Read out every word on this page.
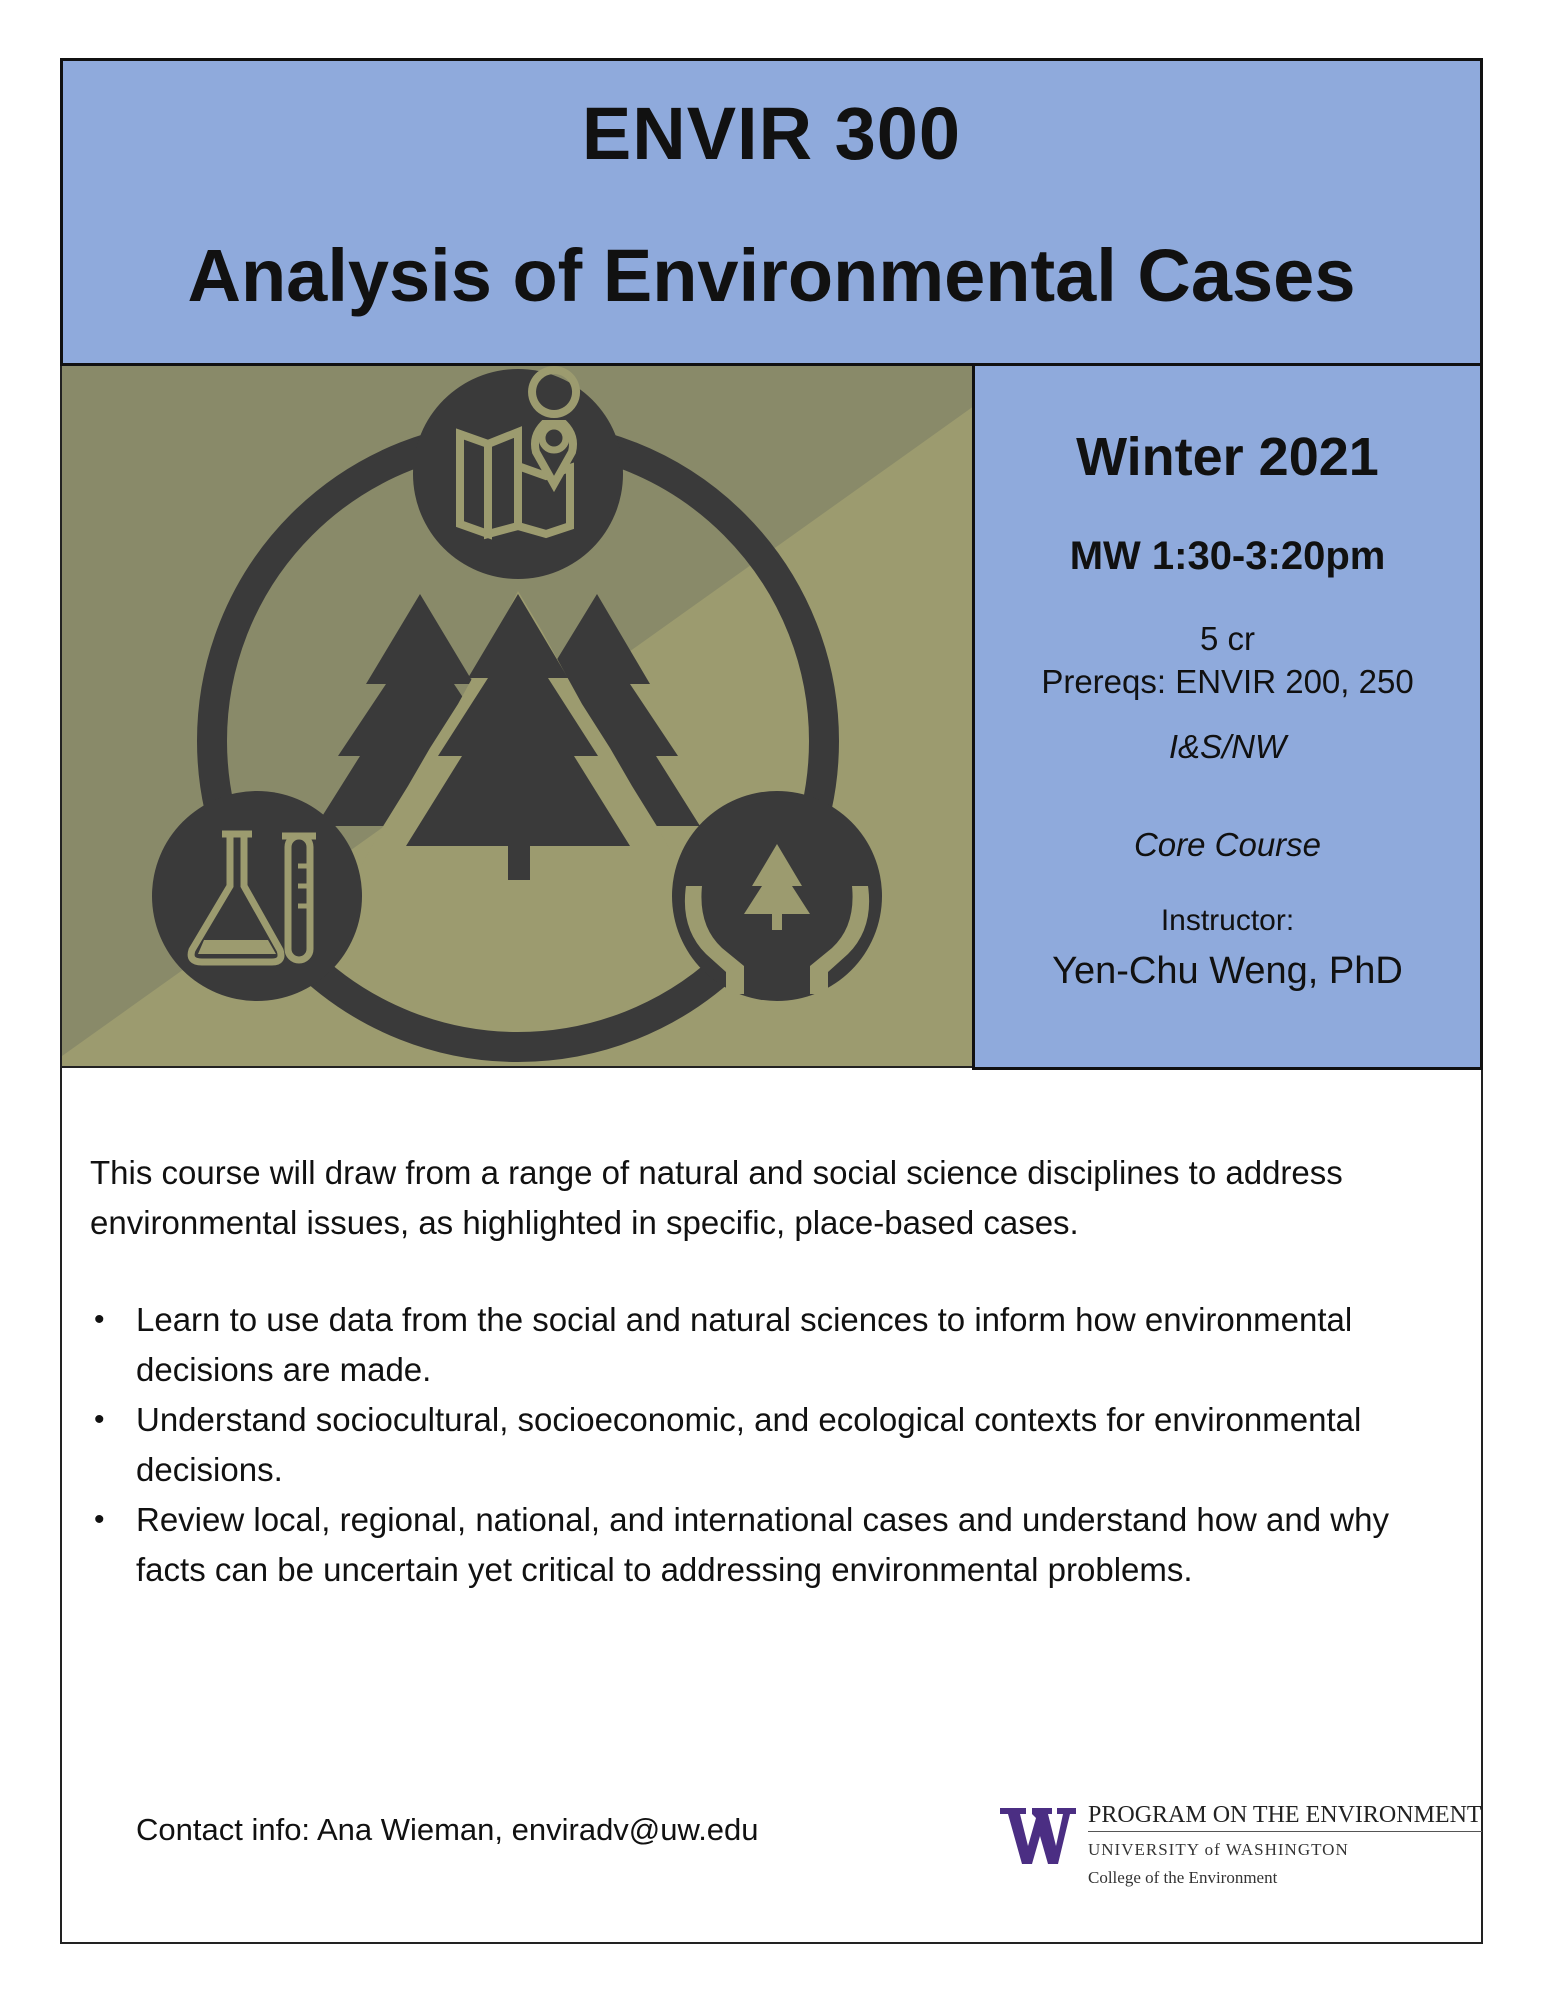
ENVIR 300
Analysis of Environmental Cases
Winter 2021
MW 1:30-3:20pm
5 cr
Prereqs: ENVIR 200, 250
I&S/NW
Core Course
Instructor:
Yen-Chu Weng, PhD

This course will draw from a range of natural and social science disciplines to address environmental issues, as highlighted in specific, place-based cases.

• Learn to use data from the social and natural sciences to inform how environmental decisions are made.
• Understand sociocultural, socioeconomic, and ecological contexts for environmental decisions.
• Review local, regional, national, and international cases and understand how and why facts can be uncertain yet critical to addressing environmental problems.
Contact info: Ana Wieman, enviradv@uw.edu	PROGRAM ON THE ENVIRONMENT
UNIVERSITY of WASHINGTON
College of the Environment
